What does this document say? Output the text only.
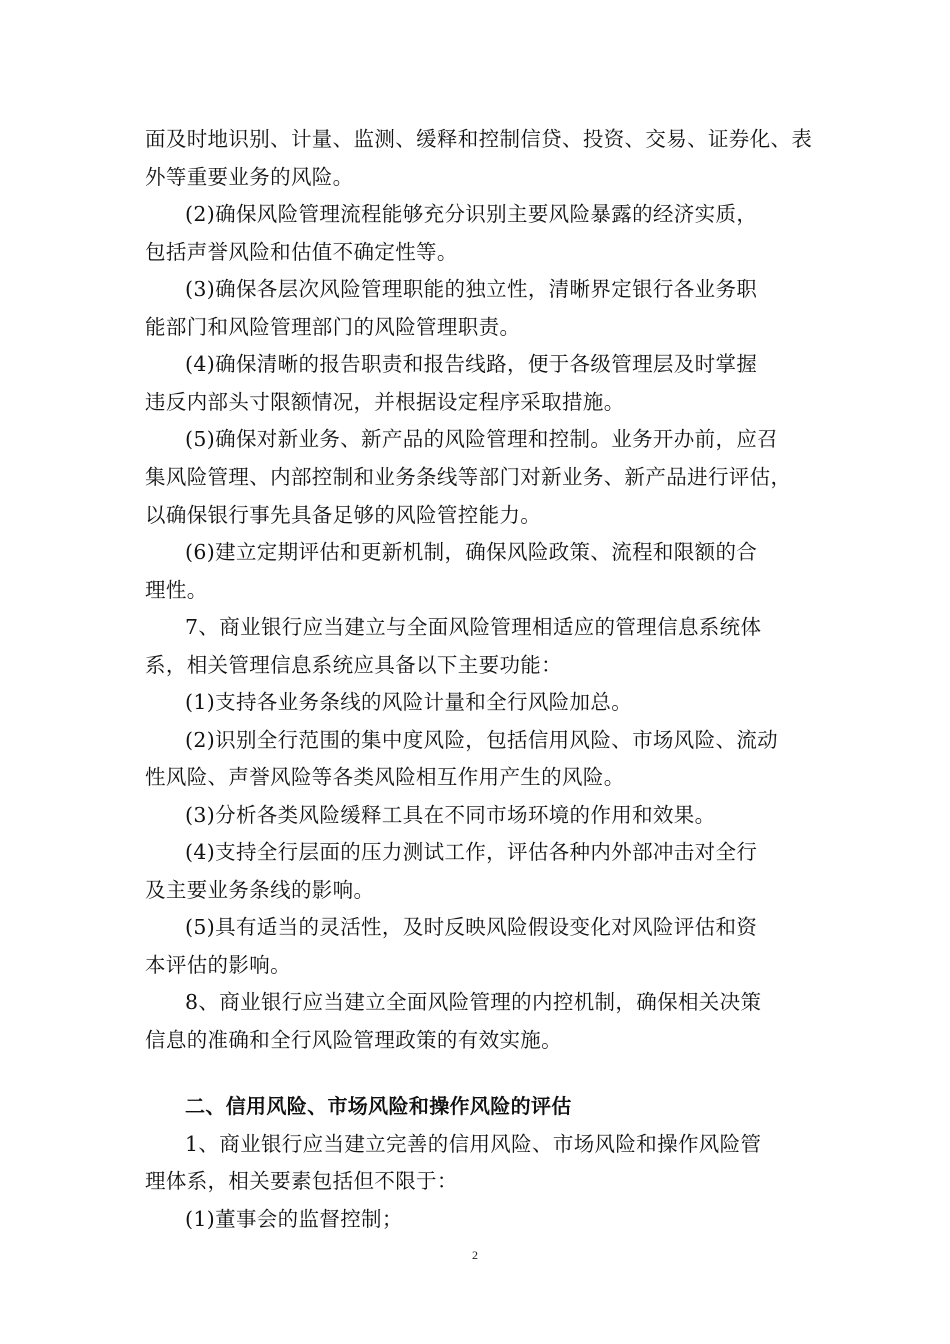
面及时地识别、计量、监测、缓释和控制信贷、投资、交易、证券化、表
外等重要业务的风险。
(2)确保风险管理流程能够充分识别主要风险暴露的经济实质，
包括声誉风险和估值不确定性等。
(3)确保各层次风险管理职能的独立性，清晰界定银行各业务职
能部门和风险管理部门的风险管理职责。
(4)确保清晰的报告职责和报告线路，便于各级管理层及时掌握
违反内部头寸限额情况，并根据设定程序采取措施。
(5)确保对新业务、新产品的风险管理和控制。业务开办前，应召
集风险管理、内部控制和业务条线等部门对新业务、新产品进行评估，
以确保银行事先具备足够的风险管控能力。
(6)建立定期评估和更新机制，确保风险政策、流程和限额的合
理性。
7、商业银行应当建立与全面风险管理相适应的管理信息系统体
系，相关管理信息系统应具备以下主要功能：
(1)支持各业务条线的风险计量和全行风险加总。
(2)识别全行范围的集中度风险，包括信用风险、市场风险、流动
性风险、声誉风险等各类风险相互作用产生的风险。
(3)分析各类风险缓释工具在不同市场环境的作用和效果。
(4)支持全行层面的压力测试工作，评估各种内外部冲击对全行
及主要业务条线的影响。
(5)具有适当的灵活性，及时反映风险假设变化对风险评估和资
本评估的影响。
8、商业银行应当建立全面风险管理的内控机制，确保相关决策
信息的准确和全行风险管理政策的有效实施。
二、信用风险、市场风险和操作风险的评估
1、商业银行应当建立完善的信用风险、市场风险和操作风险管
理体系，相关要素包括但不限于：
(1)董事会的监督控制；
2
